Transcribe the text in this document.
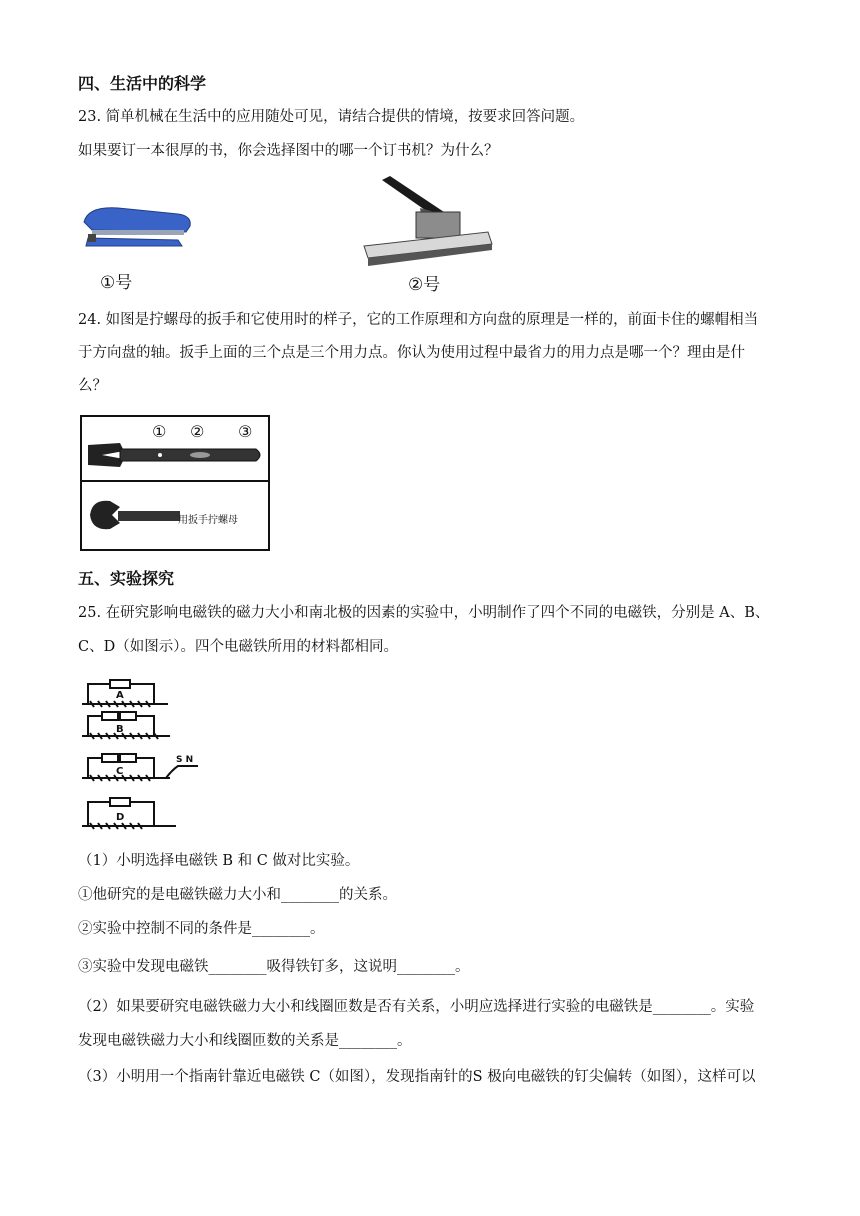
四、生活中的科学
23. 简单机械在生活中的应用随处可见，请结合提供的情境，按要求回答问题。
如果要订一本很厚的书，你会选择图中的哪一个订书机？为什么？
①号	②号
24. 如图是拧螺母的扳手和它使用时的样子，它的工作原理和方向盘的原理是一样的，前面卡住的螺帽相当
于方向盘的轴。扳手上面的三个点是三个用力点。你认为使用过程中最省力的用力点是哪一个？理由是什
么？
① ② ③
用扳手拧螺母
五、实验探究
25. 在研究影响电磁铁的磁力大小和南北极的因素的实验中，小明制作了四个不同的电磁铁，分别是 A、B、
C、D（如图示）。四个电磁铁所用的材料都相同。
A
B
C
D
S N
（1）小明选择电磁铁 B 和 C 做对比实验。
①他研究的是电磁铁磁力大小和________的关系。
②实验中控制不同的条件是________。
③实验中发现电磁铁________吸得铁钉多，这说明________。
（2）如果要研究电磁铁磁力大小和线圈匝数是否有关系，小明应选择进行实验的电磁铁是________。实验
发现电磁铁磁力大小和线圈匝数的关系是________。
（3）小明用一个指南针靠近电磁铁 C（如图），发现指南针的S 极向电磁铁的钉尖偏转（如图），这样可以
